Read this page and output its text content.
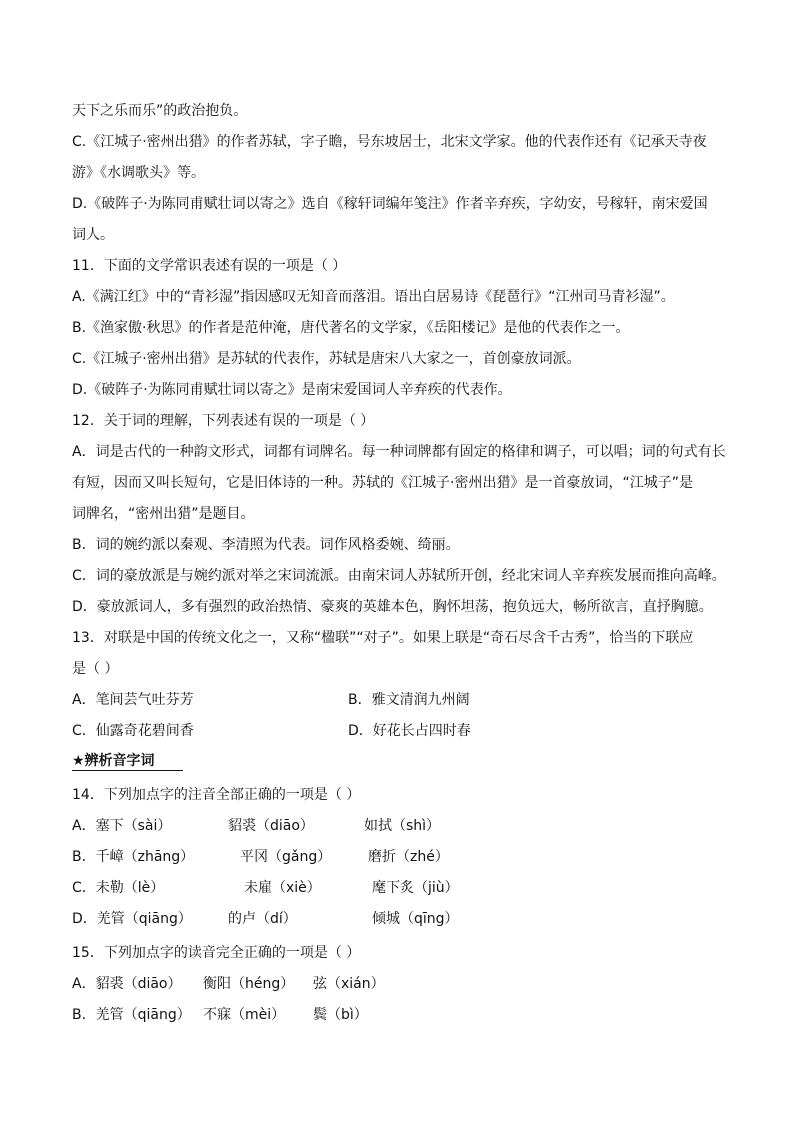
天下之乐而乐”的政治抱负。
C.《江城子·密州出猎》的作者苏轼，字子瞻，号东坡居士，北宋文学家。他的代表作还有《记承天寺夜
游》《水调歌头》等。
D.《破阵子·为陈同甫赋壮词以寄之》选自《稼轩词编年笺注》作者辛弃疾，字幼安，号稼轩，南宋爱国
词人。
11．下面的文学常识表述有误的一项是（ ）
A.《满江红》中的“青衫湿”指因感叹无知音而落泪。语出白居易诗《琵琶行》“江州司马青衫湿”。
B.《渔家傲·秋思》的作者是范仲淹，唐代著名的文学家，《岳阳楼记》是他的代表作之一。
C.《江城子·密州出猎》是苏轼的代表作，苏轼是唐宋八大家之一，首创豪放词派。
D.《破阵子·为陈同甫赋壮词以寄之》是南宋爱国词人辛弃疾的代表作。
12．关于词的理解，下列表述有误的一项是（ ）
A．词是古代的一种韵文形式，词都有词牌名。每一种词牌都有固定的格律和调子，可以唱；词的句式有长
有短，因而又叫长短句，它是旧体诗的一种。苏轼的《江城子·密州出猎》是一首豪放词，“江城子”是
词牌名，“密州出猎”是题目。
B．词的婉约派以秦观、李清照为代表。词作风格委婉、绮丽。
C．词的豪放派是与婉约派对举之宋词流派。由南宋词人苏轼所开创，经北宋词人辛弃疾发展而推向高峰。
D．豪放派词人，多有强烈的政治热情、豪爽的英雄本色，胸怀坦荡，抱负远大，畅所欲言，直抒胸臆。
13．对联是中国的传统文化之一，又称“楹联”“对子”。如果上联是“奇石尽含千古秀”，恰当的下联应
是（ ）
A．笔间芸气吐芬芳	B．雅文清润九州阔
C．仙露奇花碧间香	D．好花长占四时春
★辨析音字词
14．下列加点字的注音全部正确的一项是（ ）
A．塞下（sài）	貂裘（diāo）	如拭（shì）
B．千嶂（zhāng）	平冈（gǎng）	磨折（zhé）
C．未勒（lè）	未雇（xiè）	麾下炙（jiù）
D．羌管（qiāng）	的卢（dí）	倾城（qīng）
15．下列加点字的读音完全正确的一项是（ ）
A．貂裘（diāo） 衡阳（héng） 弦（xián）
B．羌管（qiāng） 不寐（mèi） 鬓（bì）
